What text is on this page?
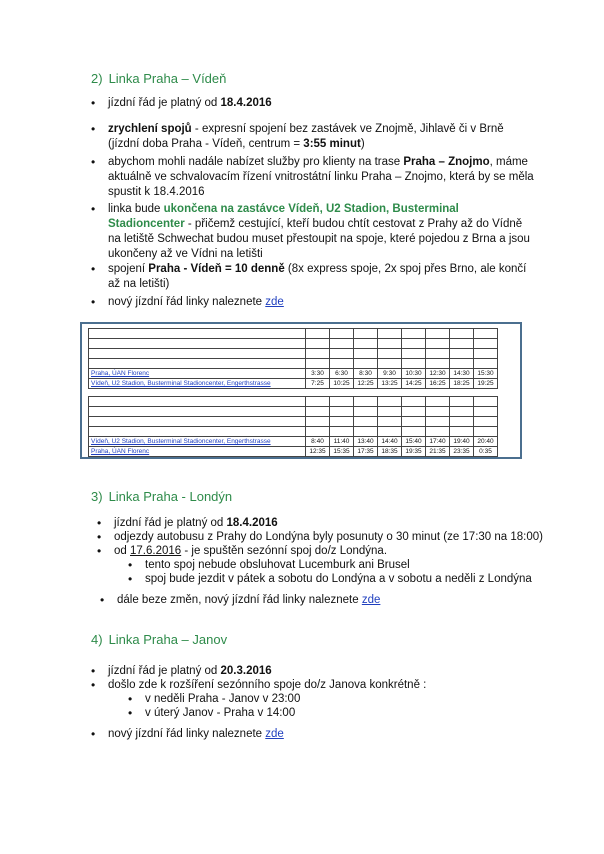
2) Linka Praha – Vídeň
• jízdní řád je platný od 18.4.2016
• zrychlení spojů - expresní spojení bez zastávek ve Znojmě, Jihlavě či v Brně (jízdní doba Praha - Vídeň, centrum = 3:55 minut)
• abychom mohli nadále nabízet služby pro klienty na trase Praha – Znojmo, máme aktuálně ve schvalovacím řízení vnitrostátní linku Praha – Znojmo, která by se měla spustit k 18.4.2016
• linka bude ukončena na zastávce Vídeň, U2 Stadion, Busterminal Stadioncenter - přičemž cestující, kteří budou chtít cestovat z Prahy až do Vídně na letiště Schwechat budou muset přestoupit na spoje, které pojedou z Brna a jsou ukončeny až ve Vídni na letišti
• spojení Praha - Vídeň = 10 denně (8x express spoje, 2x spoj přes Brno, ale končí až na letišti)
• nový jízdní řád linky naleznete zde

Praha, ÚAN Florenc	3:30	6:30	8:30	9:30	10:30	12:30	14:30	15:30
Vídeň, U2 Stadion, Busterminal Stadioncenter, Engerthstrasse	7:25	10:25	12:25	13:25	14:25	16:25	18:25	19:25

Vídeň, U2 Stadion, Busterminal Stadioncenter, Engerthstrasse	8:40	11:40	13:40	14:40	15:40	17:40	19:40	20:40
Praha, ÚAN Florenc	12:35	15:35	17:35	18:35	19:35	21:35	23:35	0:35
3) Linka Praha - Londýn
• jízdní řád je platný od 18.4.2016
• odjezdy autobusu z Prahy do Londýna byly posunuty o 30 minut (ze 17:30 na 18:00)
• od 17.6.2016 - je spuštěn sezónní spoj do/z Londýna.
• tento spoj nebude obsluhovat Lucemburk ani Brusel
• spoj bude jezdit v pátek a sobotu do Londýna a v sobotu a neděli z Londýna
• dále beze změn, nový jízdní řád linky naleznete zde
4) Linka Praha – Janov
• jízdní řád je platný od 20.3.2016
• došlo zde k rozšíření sezónního spoje do/z Janova konkrétně :
• v neděli Praha - Janov v 23:00
• v úterý Janov - Praha v 14:00
• nový jízdní řád linky naleznete zde
